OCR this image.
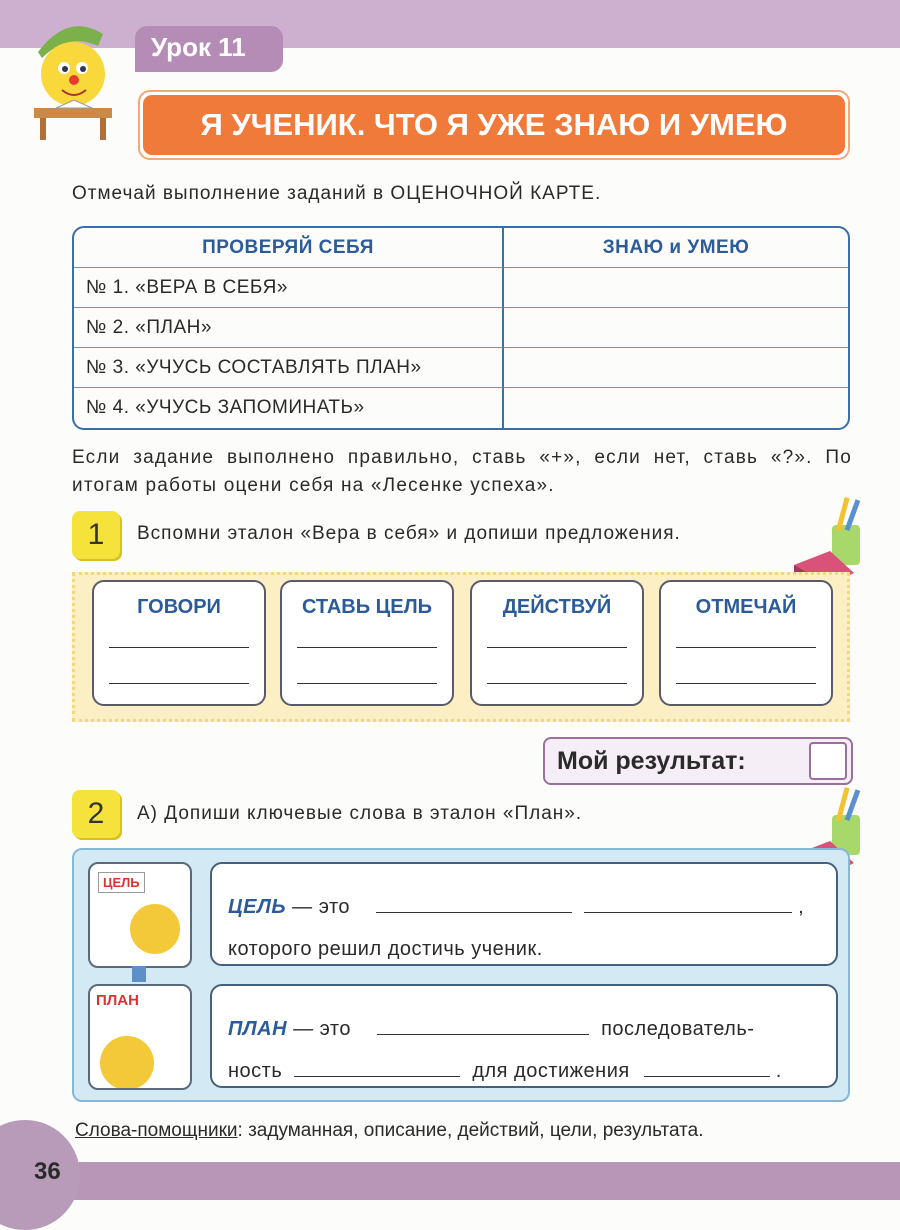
36
Урок 11
Я УЧЕНИК. ЧТО Я УЖЕ ЗНАЮ И УМЕЮ
Отмечай выполнение заданий в ОЦЕНОЧНОЙ КАРТЕ.
ПРОВЕРЯЙ СЕБЯ	ЗНАЮ и УМЕЮ
№ 1. «ВЕРА В СЕБЯ»	
№ 2. «ПЛАН»	
№ 3. «УЧУСЬ СОСТАВЛЯТЬ ПЛАН»	
№ 4. «УЧУСЬ ЗАПОМИНАТЬ»	
Если задание выполнено правильно, ставь «+», если нет, ставь «?». По итогам работы оцени себя на «Лесенке успеха».
1	Вспомни эталон «Вера в себя» и допиши предложения.
ГОВОРИ	СТАВЬ ЦЕЛЬ	ДЕЙСТВУЙ	ОТМЕЧАЙ
Мой результат:
2	А) Допиши ключевые слова в эталон «План».
ЦЕЛЬ
ПЛАН
ЦЕЛЬ — это	,
которого решил достичь ученик.
ПЛАН — это	последователь-
ность	для достижения	.
Слова-помощники: задуманная, описание, действий, цели, результата.
